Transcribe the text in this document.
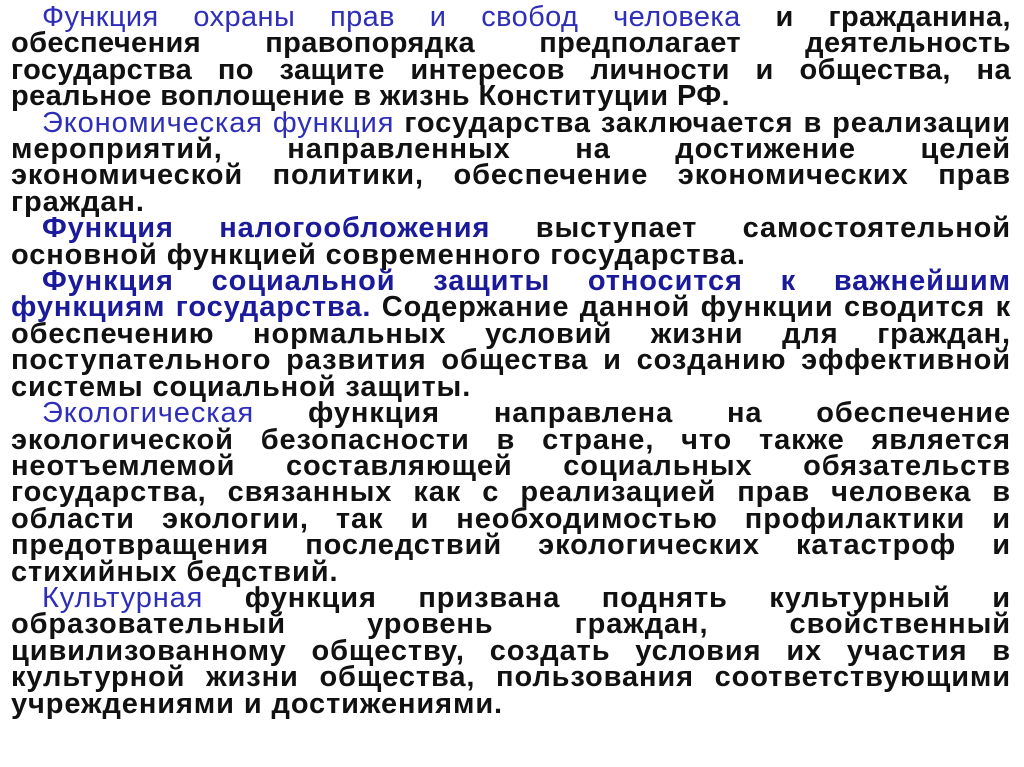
Функция охраны прав и свобод человека и гражданина, обеспечения правопорядка предполагает деятельность государства по защите интересов личности и общества, на реальное воплощение в жизнь Конституции РФ.

Экономическая функция государства заключается в реализации мероприятий, направленных на достижение целей экономической политики, обеспечение экономических прав граждан.

Функция налогообложения выступает самостоятельной основной функцией современного государства.

Функция социальной защиты относится к важнейшим функциям государства. Содержание данной функции сводится к обеспечению нормальных условий жизни для граждан, поступательного развития общества и созданию эффективной системы социальной защиты.

Экологическая функция направлена на обеспечение экологической безопасности в стране, что также является неотъемлемой составляющей социальных обязательств государства, связанных как с реализацией прав человека в области экологии, так и необходимостью профилактики и предотвращения последствий экологических катастроф и стихийных бедствий.

Культурная функция призвана поднять культурный и образовательный уровень граждан, свойственный цивилизованному обществу, создать условия их участия в культурной жизни общества, пользования соответствующими учреждениями и достижениями.
